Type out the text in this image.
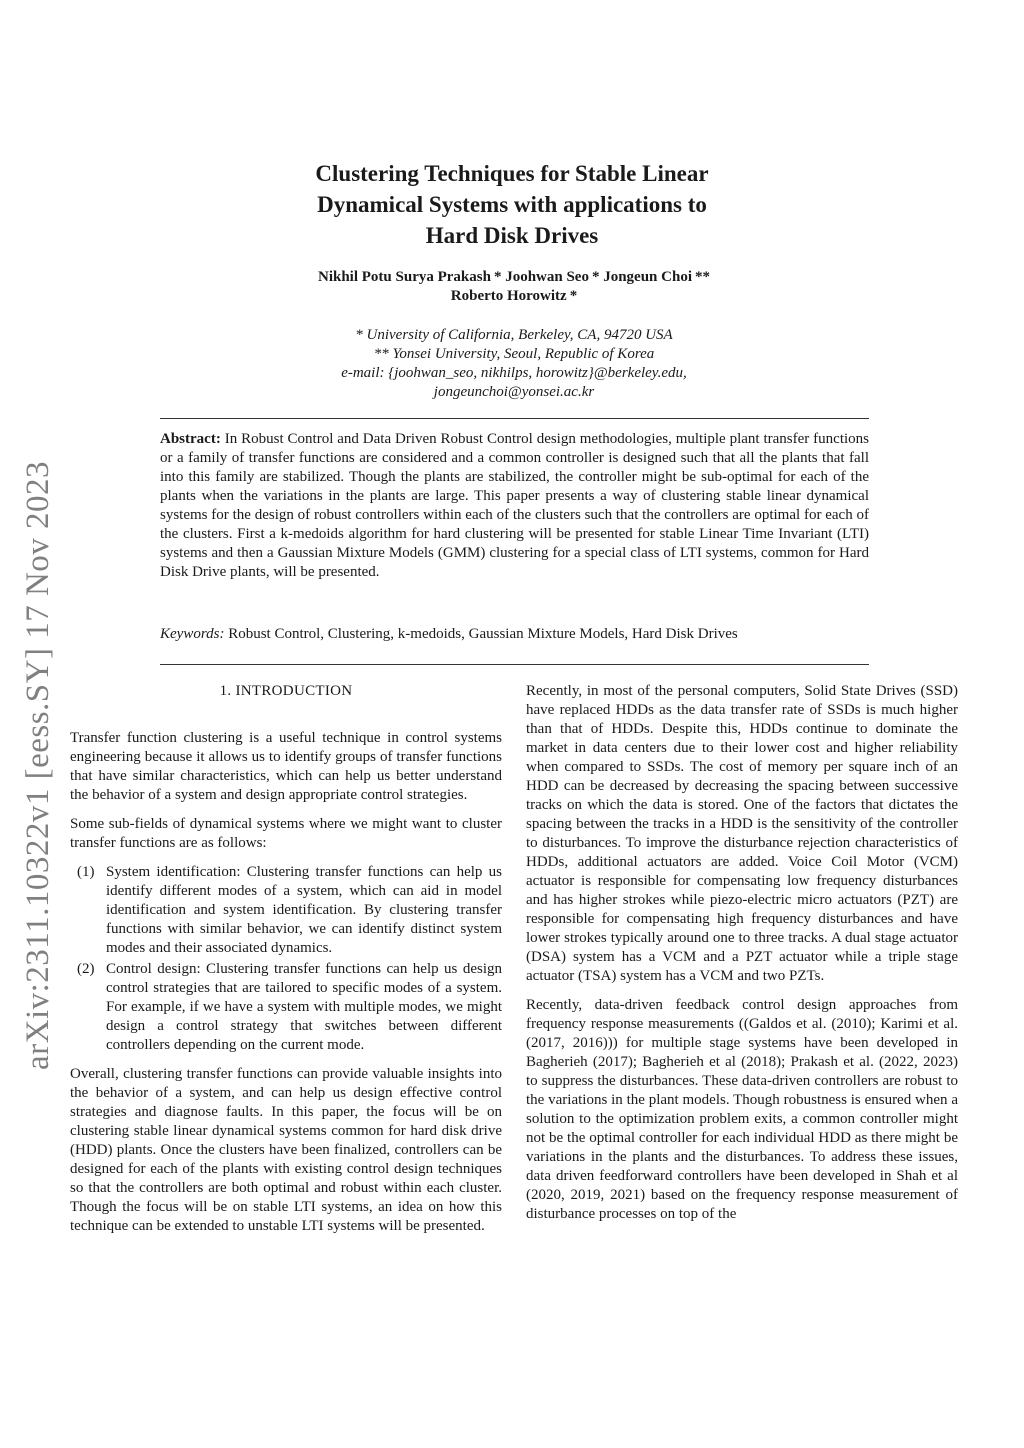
arXiv:2311.10322v1 [eess.SY] 17 Nov 2023
Clustering Techniques for Stable Linear
Dynamical Systems with applications to
Hard Disk Drives
Nikhil Potu Surya Prakash * Joohwan Seo * Jongeun Choi **
Roberto Horowitz *
* University of California, Berkeley, CA, 94720 USA
** Yonsei University, Seoul, Republic of Korea
e-mail: {joohwan_seo, nikhilps, horowitz}@berkeley.edu,
jongeunchoi@yonsei.ac.kr

Abstract: In Robust Control and Data Driven Robust Control design methodologies, multiple plant transfer functions or a family of transfer functions are considered and a common controller is designed such that all the plants that fall into this family are stabilized. Though the plants are stabilized, the controller might be sub-optimal for each of the plants when the variations in the plants are large. This paper presents a way of clustering stable linear dynamical systems for the design of robust controllers within each of the clusters such that the controllers are optimal for each of the clusters. First a k-medoids algorithm for hard clustering will be presented for stable Linear Time Invariant (LTI) systems and then a Gaussian Mixture Models (GMM) clustering for a special class of LTI systems, common for Hard Disk Drive plants, will be presented.

Keywords: Robust Control, Clustering, k-medoids, Gaussian Mixture Models, Hard Disk Drives

1. INTRODUCTION

Transfer function clustering is a useful technique in control systems engineering because it allows us to identify groups of transfer functions that have similar characteristics, which can help us better understand the behavior of a system and design appropriate control strategies.

Some sub-fields of dynamical systems where we might want to cluster transfer functions are as follows:

(1) System identification: Clustering transfer functions can help us identify different modes of a system, which can aid in model identification and system identification. By clustering transfer functions with similar behavior, we can identify distinct system modes and their associated dynamics.
(2) Control design: Clustering transfer functions can help us design control strategies that are tailored to specific modes of a system. For example, if we have a system with multiple modes, we might design a control strategy that switches between different controllers depending on the current mode.

Overall, clustering transfer functions can provide valuable insights into the behavior of a system, and can help us design effective control strategies and diagnose faults. In this paper, the focus will be on clustering stable linear dynamical systems common for hard disk drive (HDD) plants. Once the clusters have been finalized, controllers can be designed for each of the plants with existing control design techniques so that the controllers are both optimal and robust within each cluster. Though the focus will be on stable LTI systems, an idea on how this technique can be extended to unstable LTI systems will be presented.

Recently, in most of the personal computers, Solid State Drives (SSD) have replaced HDDs as the data transfer rate of SSDs is much higher than that of HDDs. Despite this, HDDs continue to dominate the market in data centers due to their lower cost and higher reliability when compared to SSDs. The cost of memory per square inch of an HDD can be decreased by decreasing the spacing between successive tracks on which the data is stored. One of the factors that dictates the spacing between the tracks in a HDD is the sensitivity of the controller to disturbances. To improve the disturbance rejection characteristics of HDDs, additional actuators are added. Voice Coil Motor (VCM) actuator is responsible for compensating low frequency disturbances and has higher strokes while piezo-electric micro actuators (PZT) are responsible for compensating high frequency disturbances and have lower strokes typically around one to three tracks. A dual stage actuator (DSA) system has a VCM and a PZT actuator while a triple stage actuator (TSA) system has a VCM and two PZTs.

Recently, data-driven feedback control design approaches from frequency response measurements ((Galdos et al. (2010); Karimi et al. (2017, 2016))) for multiple stage systems have been developed in Bagherieh (2017); Bagherieh et al (2018); Prakash et al. (2022, 2023) to suppress the disturbances. These data-driven controllers are robust to the variations in the plant models. Though robustness is ensured when a solution to the optimization problem exits, a common controller might not be the optimal controller for each individual HDD as there might be variations in the plants and the disturbances. To address these issues, data driven feedforward controllers have been developed in Shah et al (2020, 2019, 2021) based on the frequency response measurement of disturbance processes on top of the
